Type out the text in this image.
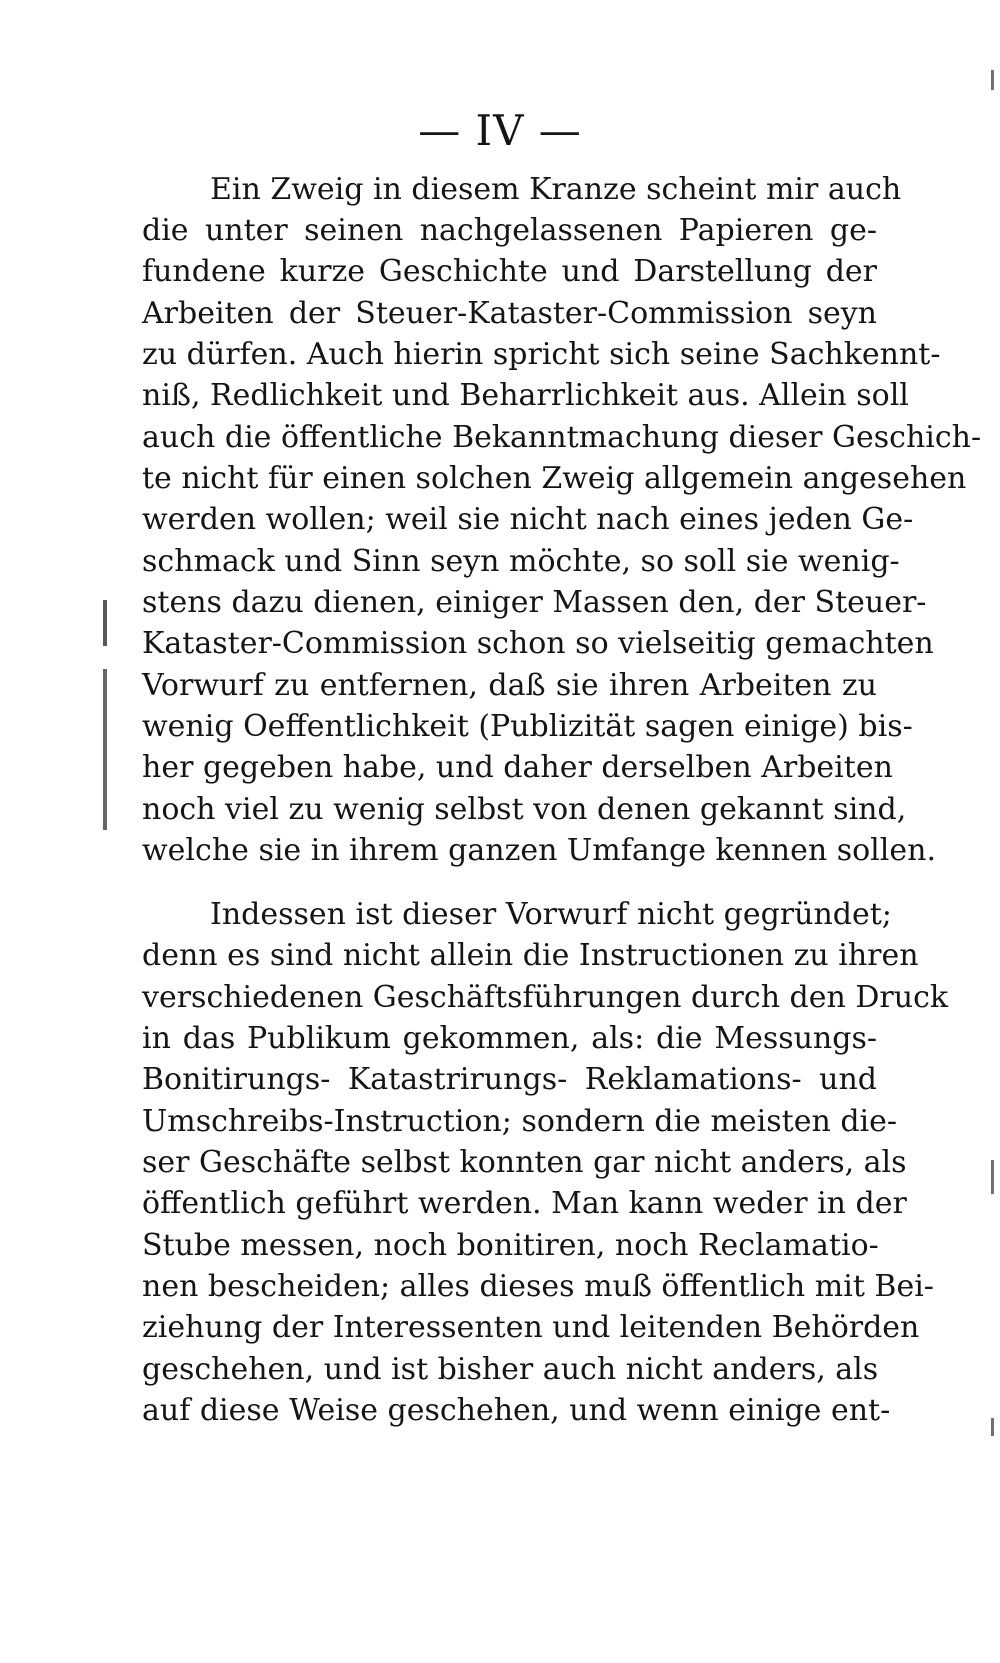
— IV —
Ein Zweig in diesem Kranze scheint mir auch
die unter seinen nachgelassenen Papieren ge-
fundene kurze Geschichte und Darstellung der
Arbeiten der Steuer-Kataster-Commission seyn
zu dürfen. Auch hierin spricht sich seine Sachkennt-
niß, Redlichkeit und Beharrlichkeit aus. Allein soll
auch die öffentliche Bekanntmachung dieser Geschich-
te nicht für einen solchen Zweig allgemein angesehen
werden wollen; weil sie nicht nach eines jeden Ge-
schmack und Sinn seyn möchte, so soll sie wenig-
stens dazu dienen, einiger Massen den, der Steuer-
Kataster-Commission schon so vielseitig gemachten
Vorwurf zu entfernen, daß sie ihren Arbeiten zu
wenig Oeffentlichkeit (Publizität sagen einige) bis-
her gegeben habe, und daher derselben Arbeiten
noch viel zu wenig selbst von denen gekannt sind,
welche sie in ihrem ganzen Umfange kennen sollen.
Indessen ist dieser Vorwurf nicht gegründet;
denn es sind nicht allein die Instructionen zu ihren
verschiedenen Geschäftsführungen durch den Druck
in das Publikum gekommen, als: die Messungs-
Bonitirungs- Katastrirungs- Reklamations- und
Umschreibs-Instruction; sondern die meisten die-
ser Geschäfte selbst konnten gar nicht anders, als
öffentlich geführt werden. Man kann weder in der
Stube messen, noch bonitiren, noch Reclamatio-
nen bescheiden; alles dieses muß öffentlich mit Bei-
ziehung der Interessenten und leitenden Behörden
geschehen, und ist bisher auch nicht anders, als
auf diese Weise geschehen, und wenn einige ent-
